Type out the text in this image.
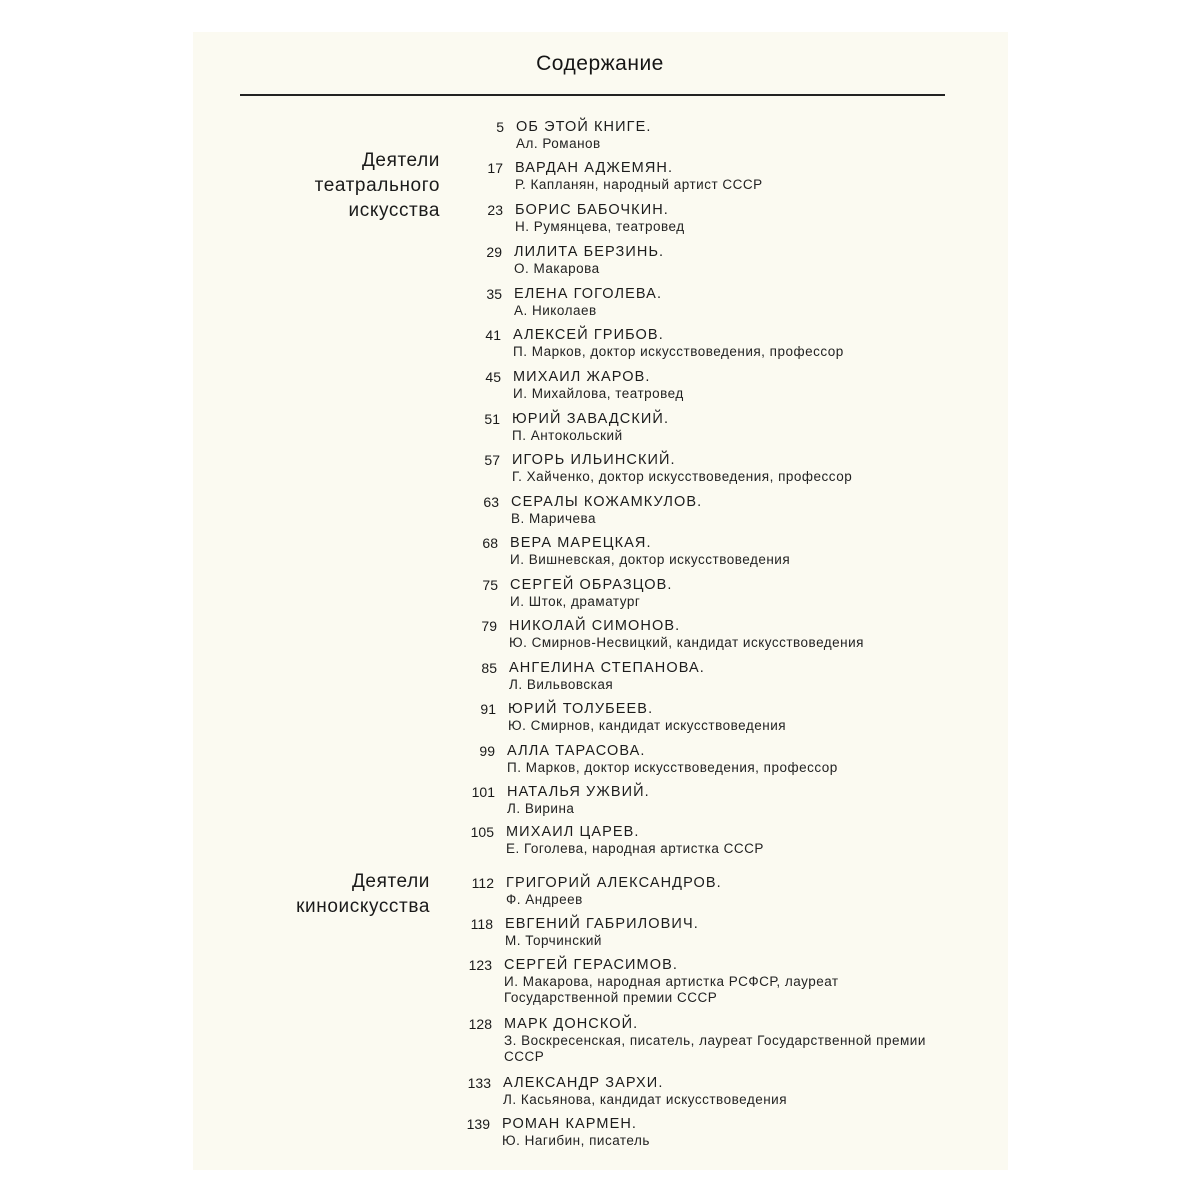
Содержание
Деятели
театрального
искусства
Деятели
киноискусства
5 ОБ ЭТОЙ КНИГЕ.
Ал. Романов
17 ВАРДАН АДЖЕМЯН.
Р. Капланян, народный артист СССР
23 БОРИС БАБОЧКИН.
Н. Румянцева, театровед
29 ЛИЛИТА БЕРЗИНЬ.
О. Макарова
35 ЕЛЕНА ГОГОЛЕВА.
А. Николаев
41 АЛЕКСЕЙ ГРИБОВ.
П. Марков, доктор искусствоведения, профессор
45 МИХАИЛ ЖАРОВ.
И. Михайлова, театровед
51 ЮРИЙ ЗАВАДСКИЙ.
П. Антокольский
57 ИГОРЬ ИЛЬИНСКИЙ.
Г. Хайченко, доктор искусствоведения, профессор
63 СЕРАЛЫ КОЖАМКУЛОВ.
В. Маричева
68 ВЕРА МАРЕЦКАЯ.
И. Вишневская, доктор искусствоведения
75 СЕРГЕЙ ОБРАЗЦОВ.
И. Шток, драматург
79 НИКОЛАЙ СИМОНОВ.
Ю. Смирнов-Несвицкий, кандидат искусствоведения
85 АНГЕЛИНА СТЕПАНОВА.
Л. Вильвовская
91 ЮРИЙ ТОЛУБЕЕВ.
Ю. Смирнов, кандидат искусствоведения
99 АЛЛА ТАРАСОВА.
П. Марков, доктор искусствоведения, профессор
101 НАТАЛЬЯ УЖВИЙ.
Л. Вирина
105 МИХАИЛ ЦАРЕВ.
Е. Гоголева, народная артистка СССР
112 ГРИГОРИЙ АЛЕКСАНДРОВ.
Ф. Андреев
118 ЕВГЕНИЙ ГАБРИЛОВИЧ.
М. Торчинский
123 СЕРГЕЙ ГЕРАСИМОВ.
И. Макарова, народная артистка РСФСР, лауреат Государственной премии СССР
128 МАРК ДОНСКОЙ.
З. Воскресенская, писатель, лауреат Государственной премии СССР
133 АЛЕКСАНДР ЗАРХИ.
Л. Касьянова, кандидат искусствоведения
139 РОМАН КАРМЕН.
Ю. Нагибин, писатель
